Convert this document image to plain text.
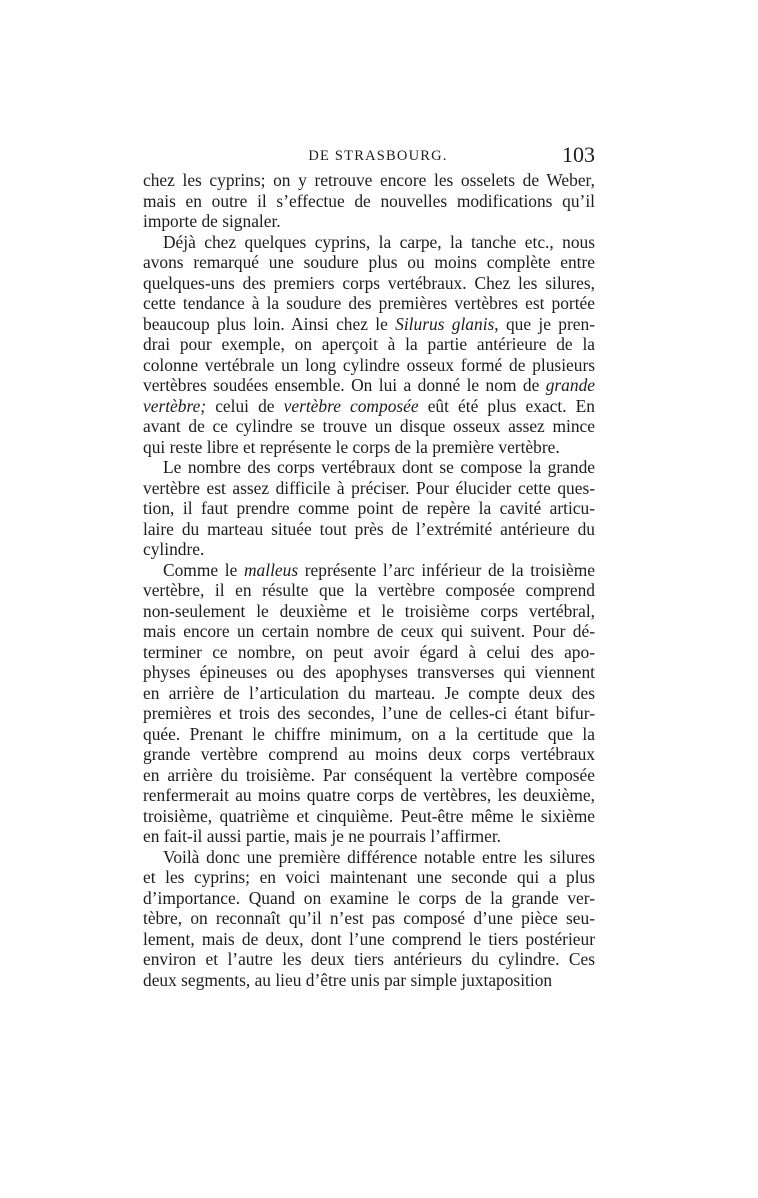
DE STRASBOURG.	103
chez les cyprins; on y retrouve encore les osselets de Weber,
mais en outre il s’effectue de nouvelles modifications qu’il
importe de signaler.
Déjà chez quelques cyprins, la carpe, la tanche etc., nous
avons remarqué une soudure plus ou moins complète entre
quelques-uns des premiers corps vertébraux. Chez les silures,
cette tendance à la soudure des premières vertèbres est portée
beaucoup plus loin. Ainsi chez le Silurus glanis, que je pren-
drai pour exemple, on aperçoit à la partie antérieure de la
colonne vertébrale un long cylindre osseux formé de plusieurs
vertèbres soudées ensemble. On lui a donné le nom de grande
vertèbre; celui de vertèbre composée eût été plus exact. En
avant de ce cylindre se trouve un disque osseux assez mince
qui reste libre et représente le corps de la première vertèbre.
Le nombre des corps vertébraux dont se compose la grande
vertèbre est assez difficile à préciser. Pour élucider cette ques-
tion, il faut prendre comme point de repère la cavité articu-
laire du marteau située tout près de l’extrémité antérieure du
cylindre.
Comme le malleus représente l’arc inférieur de la troisième
vertèbre, il en résulte que la vertèbre composée comprend
non-seulement le deuxième et le troisième corps vertébral,
mais encore un certain nombre de ceux qui suivent. Pour dé-
terminer ce nombre, on peut avoir égard à celui des apo-
physes épineuses ou des apophyses transverses qui viennent
en arrière de l’articulation du marteau. Je compte deux des
premières et trois des secondes, l’une de celles-ci étant bifur-
quée. Prenant le chiffre minimum, on a la certitude que la
grande vertèbre comprend au moins deux corps vertébraux
en arrière du troisième. Par conséquent la vertèbre composée
renfermerait au moins quatre corps de vertèbres, les deuxième,
troisième, quatrième et cinquième. Peut-être même le sixième
en fait-il aussi partie, mais je ne pourrais l’affirmer.
Voilà donc une première différence notable entre les silures
et les cyprins; en voici maintenant une seconde qui a plus
d’importance. Quand on examine le corps de la grande ver-
tèbre, on reconnaît qu’il n’est pas composé d’une pièce seu-
lement, mais de deux, dont l’une comprend le tiers postérieur
environ et l’autre les deux tiers antérieurs du cylindre. Ces
deux segments, au lieu d’être unis par simple juxtaposition
